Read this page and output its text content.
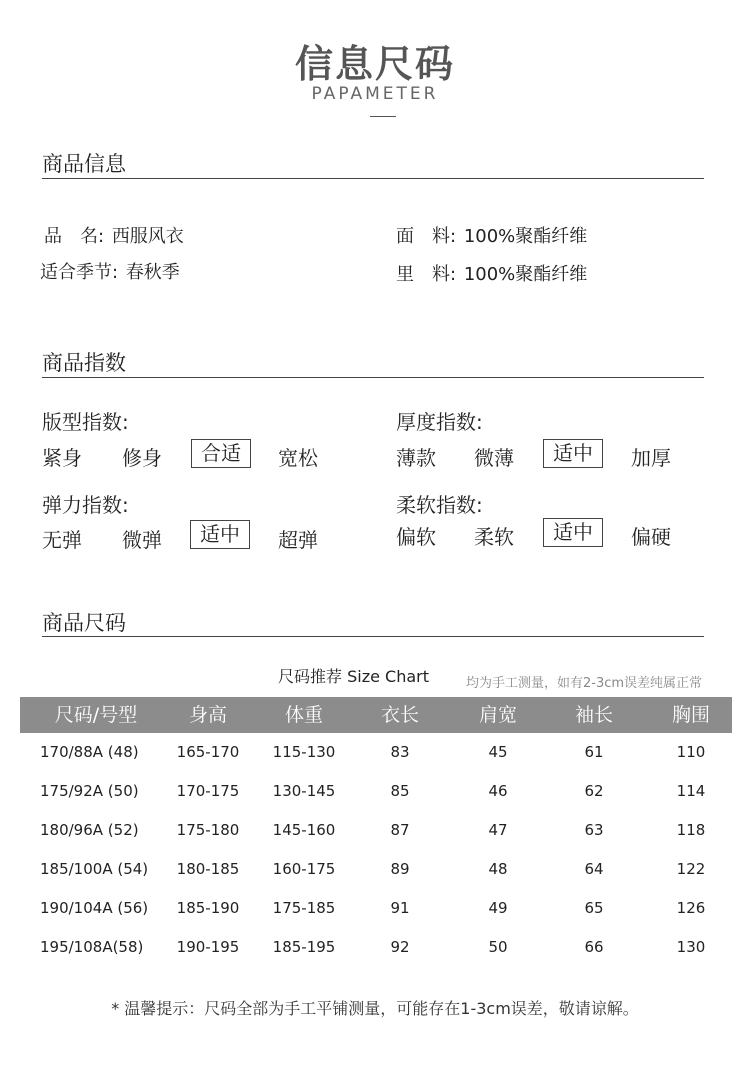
信息尺码
PAPAMETER
商品信息
品　名: 西服风衣
适合季节: 春秋季
面　料: 100%聚酯纤维
里　料: 100%聚酯纤维
商品指数
版型指数:
紧身 修身	合适	宽松
厚度指数:
薄款 微薄	适中	加厚
弹力指数:
无弹 微弹	适中	超弹
柔软指数:
偏软 柔软	适中	偏硬
商品尺码
尺码推荐 Size Chart	均为手工测量，如有2-3cm误差纯属正常
尺码/号型	身高	体重	衣长	肩宽	袖长	胸围
170/88A (48)	165-170	115-130	83	45	61	110
175/92A (50)	170-175	130-145	85	46	62	114
180/96A (52)	175-180	145-160	87	47	63	118
185/100A (54)	180-185	160-175	89	48	64	122
190/104A (56)	185-190	175-185	91	49	65	126
195/108A(58)	190-195	185-195	92	50	66	130
* 温馨提示：尺码全部为手工平铺测量，可能存在1-3cm误差，敬请谅解。
